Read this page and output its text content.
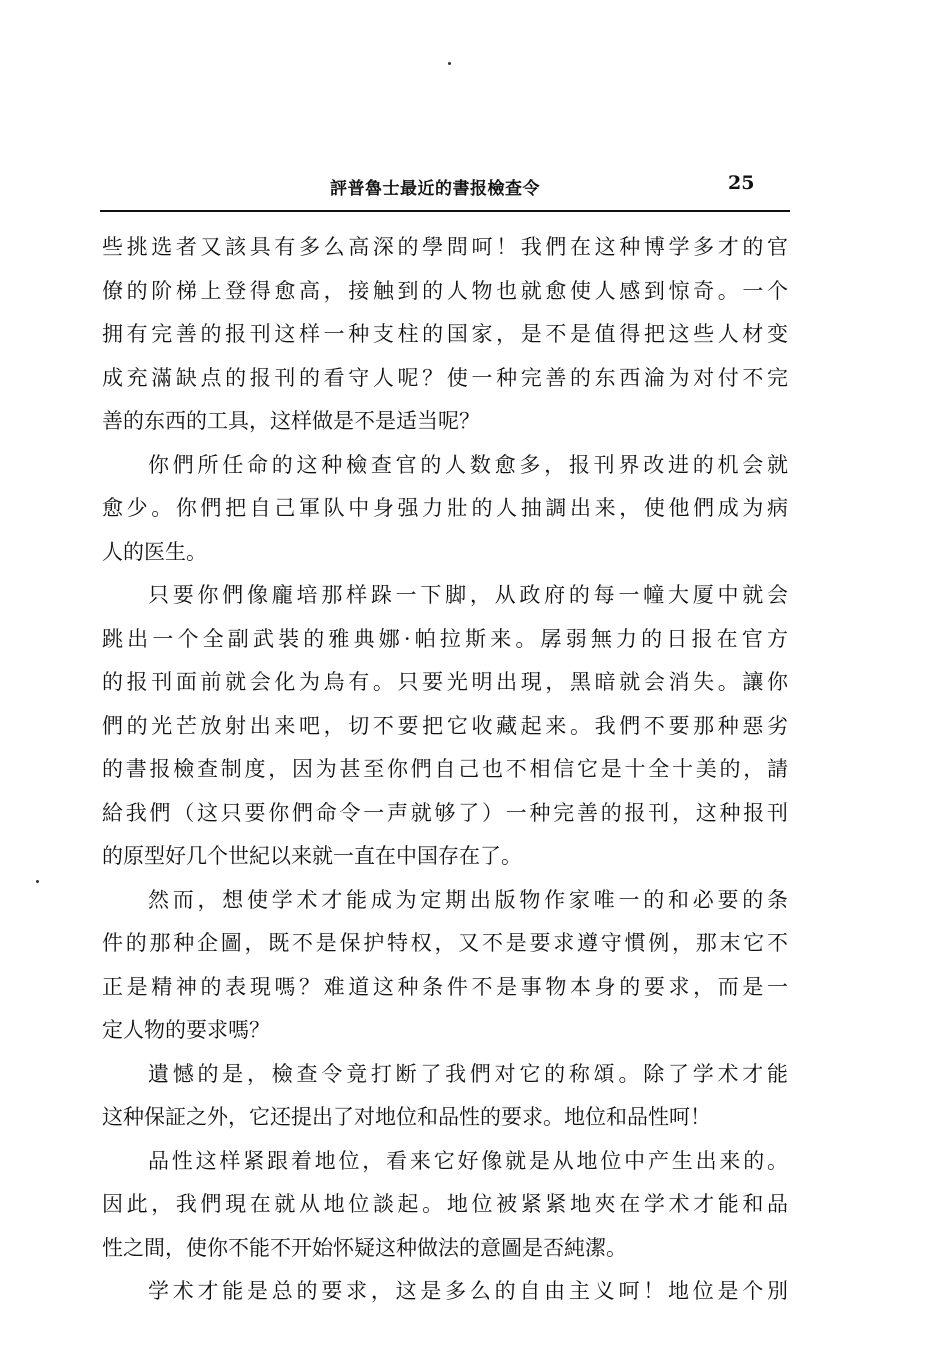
評普魯士最近的書报檢查令	25
些挑选者又該具有多么高深的學問呵！我們在这种博学多才的官
僚的阶梯上登得愈高，接触到的人物也就愈使人感到惊奇。一个
拥有完善的报刊这样一种支柱的国家，是不是值得把这些人材变
成充滿缺点的报刊的看守人呢？使一种完善的东西淪为对付不完
善的东西的工具，这样做是不是适当呢？
你們所任命的这种檢查官的人数愈多，报刊界改进的机会就
愈少。你們把自己軍队中身强力壯的人抽調出来，使他們成为病
人的医生。
只要你們像龐培那样跺一下脚，从政府的每一幢大厦中就会
跳出一个全副武裝的雅典娜·帕拉斯来。孱弱無力的日报在官方
的报刊面前就会化为烏有。只要光明出現，黑暗就会消失。讓你
們的光芒放射出来吧，切不要把它收藏起来。我們不要那种惡劣
的書报檢查制度，因为甚至你們自己也不相信它是十全十美的，請
給我們（这只要你們命令一声就够了）一种完善的报刊，这种报刊
的原型好几个世紀以来就一直在中国存在了。
然而，想使学术才能成为定期出版物作家唯一的和必要的条
件的那种企圖，既不是保护特权，又不是要求遵守慣例，那末它不
正是精神的表現嗎？难道这种条件不是事物本身的要求，而是一
定人物的要求嗎？
遺憾的是，檢查令竟打断了我們对它的称頌。除了学术才能
这种保証之外，它还提出了对地位和品性的要求。地位和品性呵！
品性这样紧跟着地位，看来它好像就是从地位中产生出来的。
因此，我們現在就从地位談起。地位被紧紧地夾在学术才能和品
性之間，使你不能不开始怀疑这种做法的意圖是否純潔。
学术才能是总的要求，这是多么的自由主义呵！地位是个別
